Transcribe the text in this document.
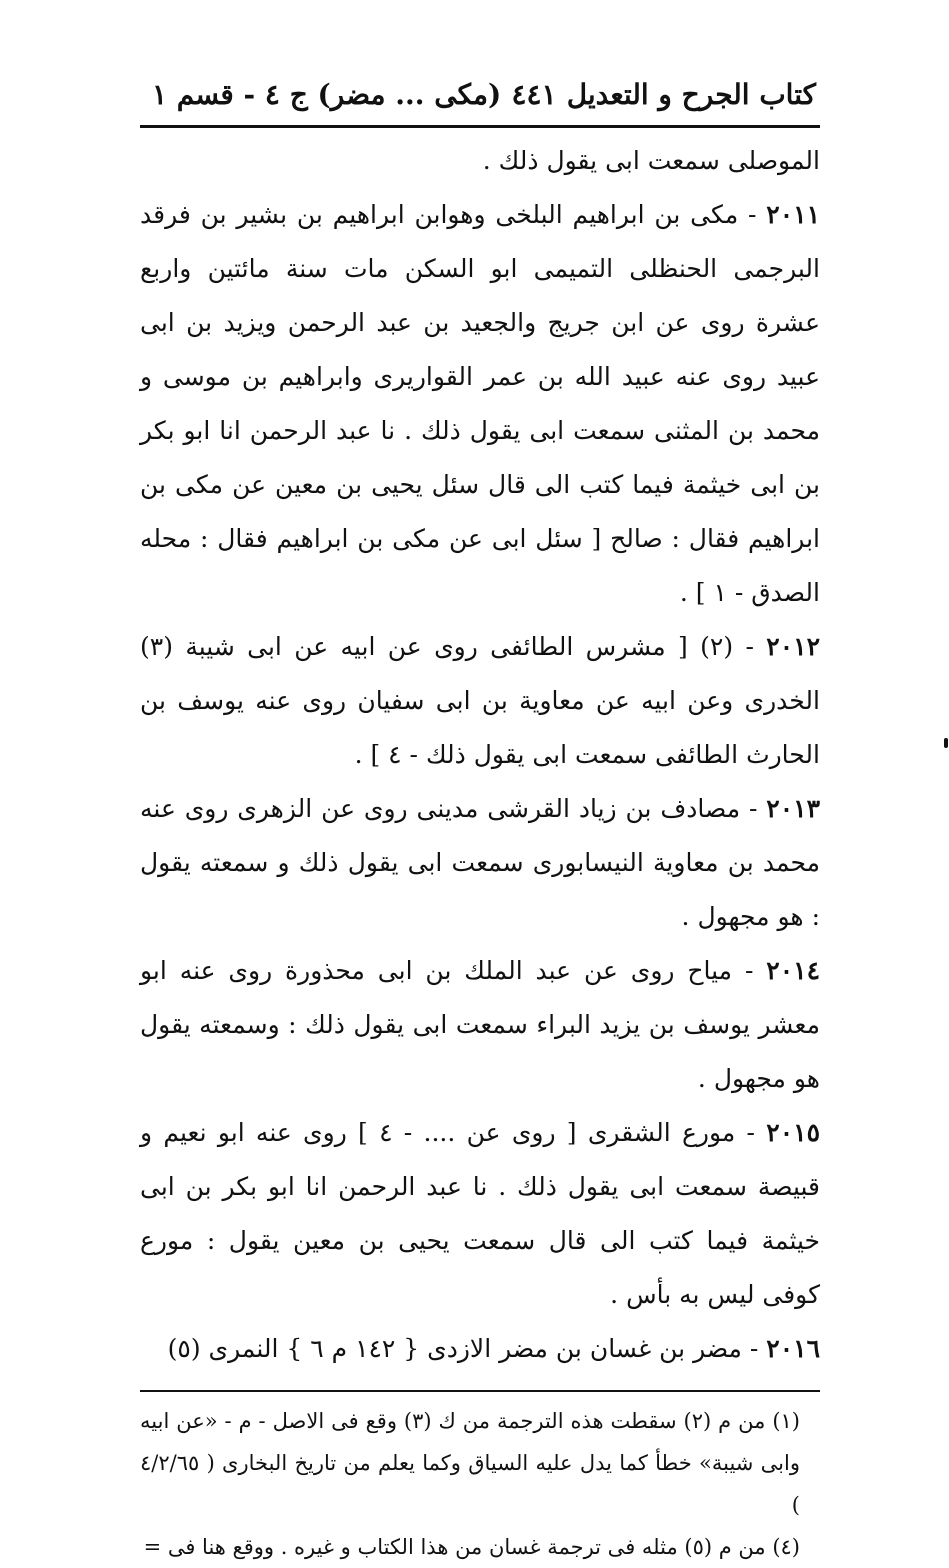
كتاب الجرح و التعديل
٤٤١
(مكى ... مضر) ج ٤ - قسم ١

الموصلى سمعت ابى يقول ذلك .

٢٠١١ - مكى بن ابراهيم البلخى وهوابن ابراهيم بن بشير بن فرقد البرجمى الحنظلى التميمى ابو السكن مات سنة مائتين واربع عشرة روى عن ابن جريج والجعيد بن عبد الرحمن ويزيد بن ابى عبيد روى عنه عبيد الله بن عمر القواريرى وابراهيم بن موسى و محمد بن المثنى سمعت ابى يقول ذلك . نا عبد الرحمن انا ابو بكر بن ابى خيثمة فيما كتب الى قال سئل يحيى بن معين عن مكى بن ابراهيم فقال : صالح [ سئل ابى عن مكى بن ابراهيم فقال : محله الصدق - ١ ] .

٢٠١٢ - (٢) [ مشرس الطائفى روى عن ابيه عن ابى شيبة (٣) الخدرى وعن ابيه عن معاوية بن ابى سفيان روى عنه يوسف بن الحارث الطائفى سمعت ابى يقول ذلك - ٤ ] .

٢٠١٣ - مصادف بن زياد القرشى مدينى روى عن الزهرى روى عنه محمد بن معاوية النيسابورى سمعت ابى يقول ذلك و سمعته يقول : هو مجهول .

٢٠١٤ - مياح روى عن عبد الملك بن ابى محذورة روى عنه ابو معشر يوسف بن يزيد البراء سمعت ابى يقول ذلك : وسمعته يقول هو مجهول .

٢٠١٥ - مورع الشقرى [ روى عن .... - ٤ ] روى عنه ابو نعيم و قبيصة سمعت ابى يقول ذلك . نا عبد الرحمن انا ابو بكر بن ابى خيثمة فيما كتب الى قال سمعت يحيى بن معين يقول : مورع كوفى ليس به بأس .

٢٠١٦ - مضر بن غسان بن مضر الازدى { ١٤٢ م ٦ } النمرى (٥)

(١) من م (٢) سقطت هذه الترجمة من ك (٣) وقع فى الاصل - م - «عن ابيه وابى شيبة» خطأ كما يدل عليه السياق وكما يعلم من تاريخ البخارى ( ٤/٢/٦٥ )

(٤) من م (٥) مثله فى ترجمة غسان من هذا الكتاب و غيره . ووقع هنا فى =
